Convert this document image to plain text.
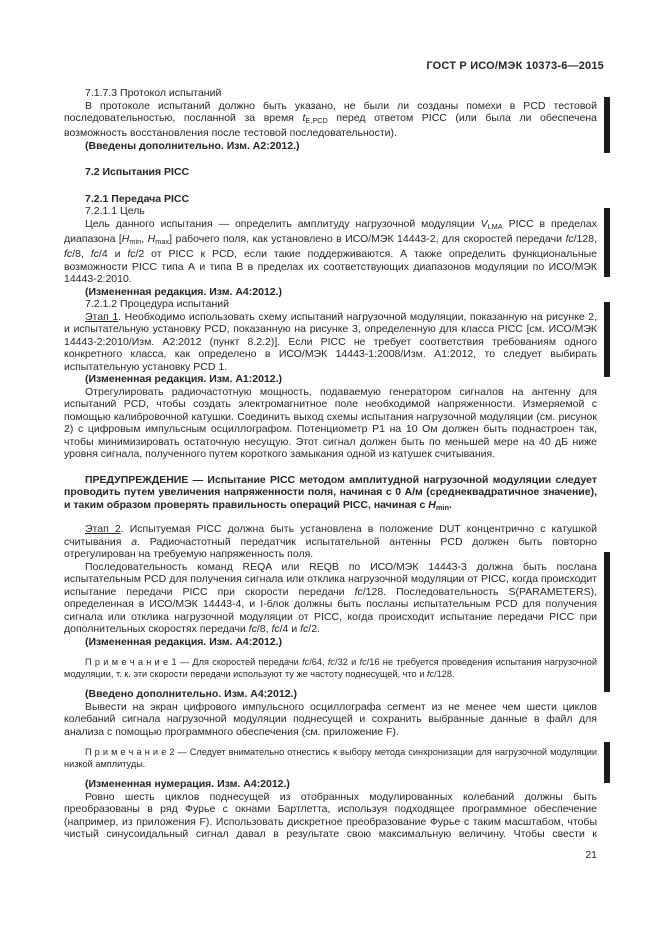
ГОСТ Р ИСО/МЭК 10373-6—2015

7.1.7.3 Протокол испытаний

В протоколе испытаний должно быть указано, не были ли созданы помехи в PCD тестовой последовательностью, посланной за время $t_{E,PCD}$ перед ответом PICC (или была ли обеспечена возможность восстановления после тестовой последовательности).

(Введены дополнительно. Изм. А2:2012.)

7.2 Испытания PICC

7.2.1 Передача PICC

7.2.1.1 Цель

Цель данного испытания — определить амплитуду нагрузочной модуляции $V_{LMA}$ PICC в пределах диапазона [$H_{min}$, $H_{max}$] рабочего поля, как установлено в ИСО/МЭК 14443-2, для скоростей передачи fc/128, fc/8, fc/4 и fc/2 от PICC к PCD, если такие поддерживаются. А также определить функциональные возможности PICC типа А и типа В в пределах их соответствующих диапазонов модуляции по ИСО/МЭК 14443-2:2010.

(Измененная редакция. Изм. А4:2012.)

7.2.1.2 Процедура испытаний

Этап 1. Необходимо использовать схему испытаний нагрузочной модуляции, показанную на рисунке 2, и испытательную установку PCD, показанную на рисунке 3, определенную для класса PICC [см. ИСО/МЭК 14443-2:2010/Изм. А2:2012 (пункт 8.2.2)]. Если PICC не требует соответствия требованиям одного конкретного класса, как определено в ИСО/МЭК 14443-1:2008/Изм. А1:2012, то следует выбирать испытательную установку PCD 1.

(Измененная редакция. Изм. А1:2012.)

Отрегулировать радиочастотную мощность, подаваемую генератором сигналов на антенну для испытаний PCD, чтобы создать электромагнитное поле необходимой напряженности. Измеряемой с помощью калибровочной катушки. Соединить выход схемы испытания нагрузочной модуляции (см. рисунок 2) с цифровым импульсным осциллографом. Потенциометр Р1 на 10 Ом должен быть поднастроен так, чтобы минимизировать остаточную несущую. Этот сигнал должен быть по меньшей мере на 40 дБ ниже уровня сигнала, полученного путем короткого замыкания одной из катушек считывания.

ПРЕДУПРЕЖДЕНИЕ — Испытание PICC методом амплитудной нагрузочной модуляции следует проводить путем увеличения напряженности поля, начиная с 0 А/м (среднеквадратичное значение), и таким образом проверять правильность операций PICC, начиная с $H_{min}$.

Этап 2. Испытуемая PICC должна быть установлена в положение DUT концентрично с катушкой считывания а. Радиочастотный передатчик испытательной антенны PCD должен быть повторно отрегулирован на требуемую напряженность поля.

Последовательность команд REQA или REQB по ИСО/МЭК 14443-3 должна быть послана испытательным PCD для получения сигнала или отклика нагрузочной модуляции от PICC, когда происходит испытание передачи PICC при скорости передачи fc/128. Последовательность S(PARAMETERS), определенная в ИСО/МЭК 14443-4, и I-блок должны быть посланы испытательным PCD для получения сигнала или отклика нагрузочной модуляции от PICC, когда происходит испытание передачи PICC при дополнительных скоростях передачи fc/8, fc/4 и fc/2.

(Измененная редакция. Изм. А4:2012.)

П р и м е ч а н и е 1 — Для скоростей передачи fc/64, fc/32 и fc/16 не требуется проведения испытания нагрузочной модуляции, т. к. эти скорости передачи используют ту же частоту поднесущей, что и fc/128.

(Введено дополнительно. Изм. А4:2012.)

Вывести на экран цифрового импульсного осциллографа сегмент из не менее чем шести циклов колебаний сигнала нагрузочной модуляции поднесущей и сохранить выбранные данные в файл для анализа с помощью программного обеспечения (см. приложение F).

П р и м е ч а н и е 2 — Следует внимательно отнестись к выбору метода синхронизации для нагрузочной модуляции низкой амплитуды.

(Измененная нумерация. Изм. А4:2012.)

Ровно шесть циклов поднесущей из отобранных модулированных колебаний должны быть преобразованы в ряд Фурье с окнами Бартлетта, используя подходящее программное обеспечение (например, из приложения F). Использовать дискретное преобразование Фурье с таким масштабом, чтобы чистый синусоидальный сигнал давал в результате свою максимальную величину. Чтобы свести к

21
